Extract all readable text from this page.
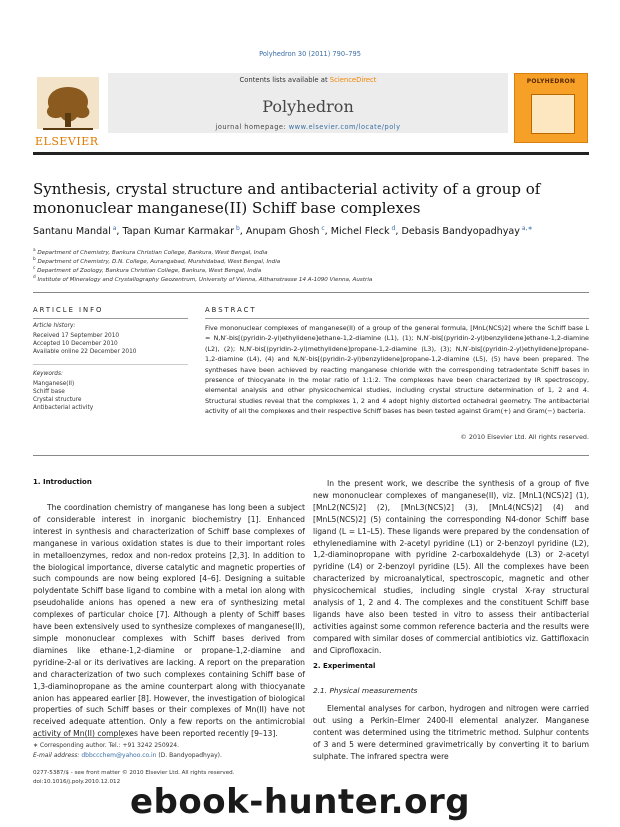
Polyhedron 30 (2011) 790–795
ELSEVIER
Contents lists available at ScienceDirect
Polyhedron
journal homepage: www.elsevier.com/locate/poly
POLYHEDRON
Synthesis, crystal structure and antibacterial activity of a group of mononuclear manganese(II) Schiff base complexes
Santanu Mandal $^a$, Tapan Kumar Karmakar $^b$, Anupam Ghosh $^c$, Michel Fleck $^d$, Debasis Bandyopadhyay $^{a,∗}$
$^a$ Department of Chemistry, Bankura Christian College, Bankura, West Bengal, India
$^b$ Department of Chemistry, D.N. College, Aurangabad, Murshidabad, West Bengal, India
$^c$ Department of Zoology, Bankura Christian College, Bankura, West Bengal, India
$^d$ Institute of Mineralogy and Crystallography Geozentrum, University of Vienna, Althanstrasse 14 A-1090 Vienna, Austria
ARTICLE INFO	ABSTRACT
Article history:
Received 17 September 2010
Accepted 10 December 2010
Available online 22 December 2010
Keywords:
Manganese(II)
Schiff base
Crystal structure
Antibacterial activity
Five mononuclear complexes of manganese(II) of a group of the general formula, [MnL(NCS)2] where the Schiff base L = N,N′-bis[(pyridin-2-yl)ethylidene]ethane-1,2-diamine (L1), (1); N,N′-bis[(pyridin-2-yl)benzylidene]ethane-1,2-diamine (L2), (2); N,N′-bis[(pyridin-2-yl)methylidene]propane-1,2-diamine (L3), (3); N,N′-bis[(pyridin-2-yl)ethylidene]propane-1,2-diamine (L4), (4) and N,N′-bis[(pyridin-2-yl)benzylidene]propane-1,2-diamine (L5), (5) have been prepared. The syntheses have been achieved by reacting manganese chloride with the corresponding tetradentate Schiff bases in presence of thiocyanate in the molar ratio of 1:1:2. The complexes have been characterized by IR spectroscopy, elemental analysis and other physicochemical studies, including crystal structure determination of 1, 2 and 4. Structural studies reveal that the complexes 1, 2 and 4 adopt highly distorted octahedral geometry. The antibacterial activity of all the complexes and their respective Schiff bases has been tested against Gram(+) and Gram(−) bacteria.
© 2010 Elsevier Ltd. All rights reserved.
1. Introduction
The coordination chemistry of manganese has long been a subject of considerable interest in inorganic biochemistry [1]. Enhanced interest in synthesis and characterization of Schiff base complexes of manganese in various oxidation states is due to their important roles in metalloenzymes, redox and non-redox proteins [2,3]. In addition to the biological importance, diverse catalytic and magnetic properties of such compounds are now being explored [4–6]. Designing a suitable polydentate Schiff base ligand to combine with a metal ion along with pseudohalide anions has opened a new era of synthesizing metal complexes of particular choice [7]. Although a plenty of Schiff bases have been extensively used to synthesize complexes of manganese(II), simple mononuclear complexes with Schiff bases derived from diamines like ethane-1,2-diamine or propane-1,2-diamine and pyridine-2-al or its derivatives are lacking. A report on the preparation and characterization of two such complexes containing Schiff base of 1,3-diaminopropane as the amine counterpart along with thiocyanate anion has appeared earlier [8]. However, the investigation of biological properties of such Schiff bases or their complexes of Mn(II) have not received adequate attention. Only a few reports on the antimicrobial activity of Mn(II) complexes have been reported recently [9–13].
In the present work, we describe the synthesis of a group of five new mononuclear complexes of manganese(II), viz. [MnL1(NCS)2] (1), [MnL2(NCS)2] (2), [MnL3(NCS)2] (3), [MnL4(NCS)2] (4) and [MnL5(NCS)2] (5) containing the corresponding N4-donor Schiff base ligand (L = L1–L5). These ligands were prepared by the condensation of ethylenediamine with 2-acetyl pyridine (L1) or 2-benzoyl pyridine (L2), 1,2-diaminopropane with pyridine 2-carboxaldehyde (L3) or 2-acetyl pyridine (L4) or 2-benzoyl pyridine (L5). All the complexes have been characterized by microanalytical, spectroscopic, magnetic and other physicochemical studies, including single crystal X-ray structural analysis of 1, 2 and 4. The complexes and the constituent Schiff base ligands have also been tested in vitro to assess their antibacterial activities against some common reference bacteria and the results were compared with similar doses of commercial antibiotics viz. Gattifloxacin and Ciprofloxacin.
2. Experimental
2.1. Physical measurements
Elemental analyses for carbon, hydrogen and nitrogen were carried out using a Perkin–Elmer 2400-II elemental analyzer. Manganese content was determined using the titrimetric method. Sulphur contents of 3 and 5 were determined gravimetrically by converting it to barium sulphate. The infrared spectra were
∗ Corresponding author. Tel.: +91 3242 250924.
E-mail address: dbbccchem@yahoo.co.in (D. Bandyopadhyay).
0277-5387/$ - see front matter © 2010 Elsevier Ltd. All rights reserved.
doi:10.1016/j.poly.2010.12.012 ebook-hunter.org
